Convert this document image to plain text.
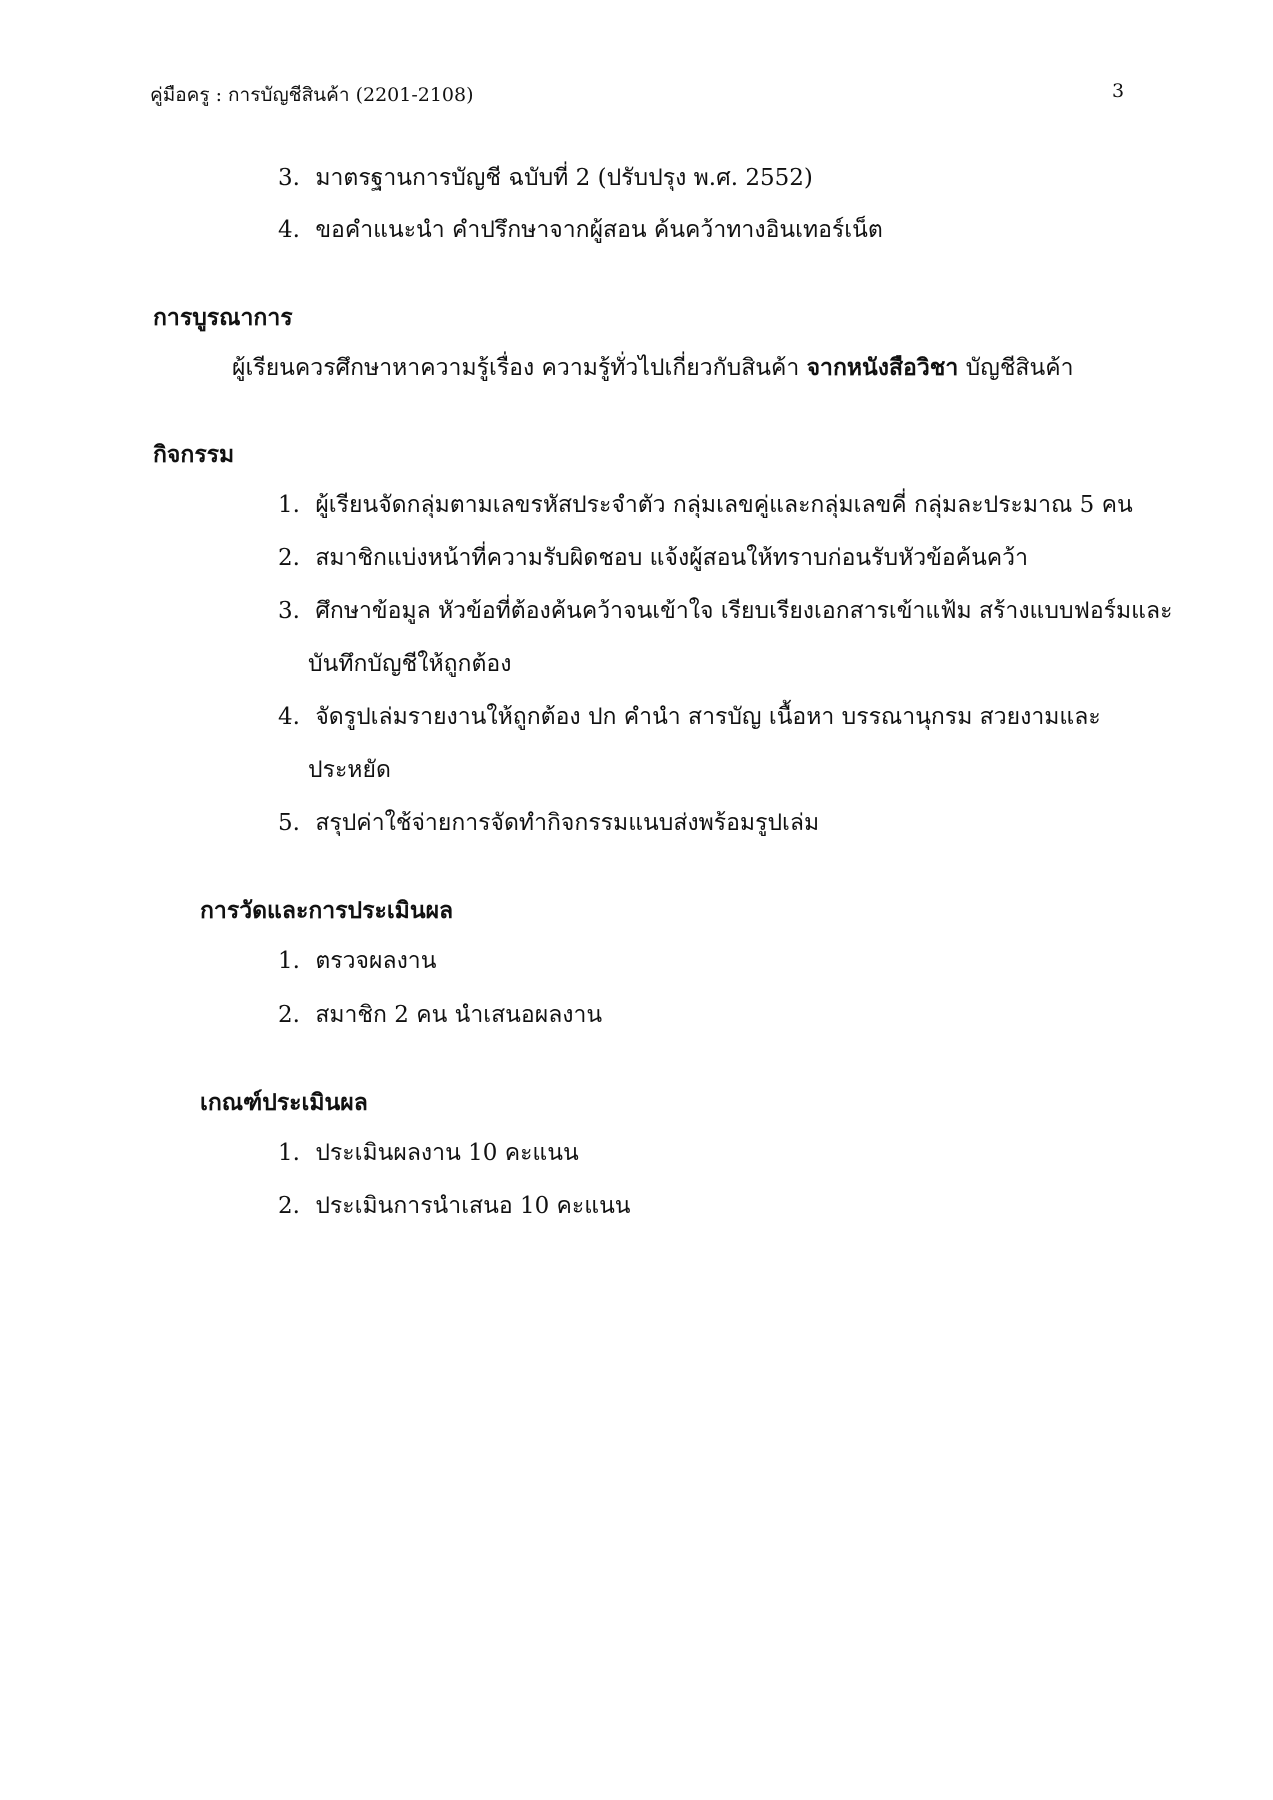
คู่มือครู : การบัญชีสินค้า (2201-2108)	3
3. มาตรฐานการบัญชี ฉบับที่ 2 (ปรับปรุง พ.ศ. 2552)
4. ขอคำแนะนำ คำปรึกษาจากผู้สอน ค้นคว้าทางอินเทอร์เน็ต
การบูรณาการ
ผู้เรียนควรศึกษาหาความรู้เรื่อง ความรู้ทั่วไปเกี่ยวกับสินค้า จากหนังสือวิชา บัญชีสินค้า
กิจกรรม
1. ผู้เรียนจัดกลุ่มตามเลขรหัสประจำตัว กลุ่มเลขคู่และกลุ่มเลขคี่ กลุ่มละประมาณ 5 คน
2. สมาชิกแบ่งหน้าที่ความรับผิดชอบ แจ้งผู้สอนให้ทราบก่อนรับหัวข้อค้นคว้า
3. ศึกษาข้อมูล หัวข้อที่ต้องค้นคว้าจนเข้าใจ เรียบเรียงเอกสารเข้าแฟ้ม สร้างแบบฟอร์มและ
บันทึกบัญชีให้ถูกต้อง
4. จัดรูปเล่มรายงานให้ถูกต้อง ปก คำนำ สารบัญ เนื้อหา บรรณานุกรม สวยงามและ
ประหยัด
5. สรุปค่าใช้จ่ายการจัดทำกิจกรรมแนบส่งพร้อมรูปเล่ม
การวัดและการประเมินผล
1. ตรวจผลงาน
2. สมาชิก 2 คน นำเสนอผลงาน
เกณฑ์ประเมินผล
1. ประเมินผลงาน 10 คะแนน
2. ประเมินการนำเสนอ 10 คะแนน
